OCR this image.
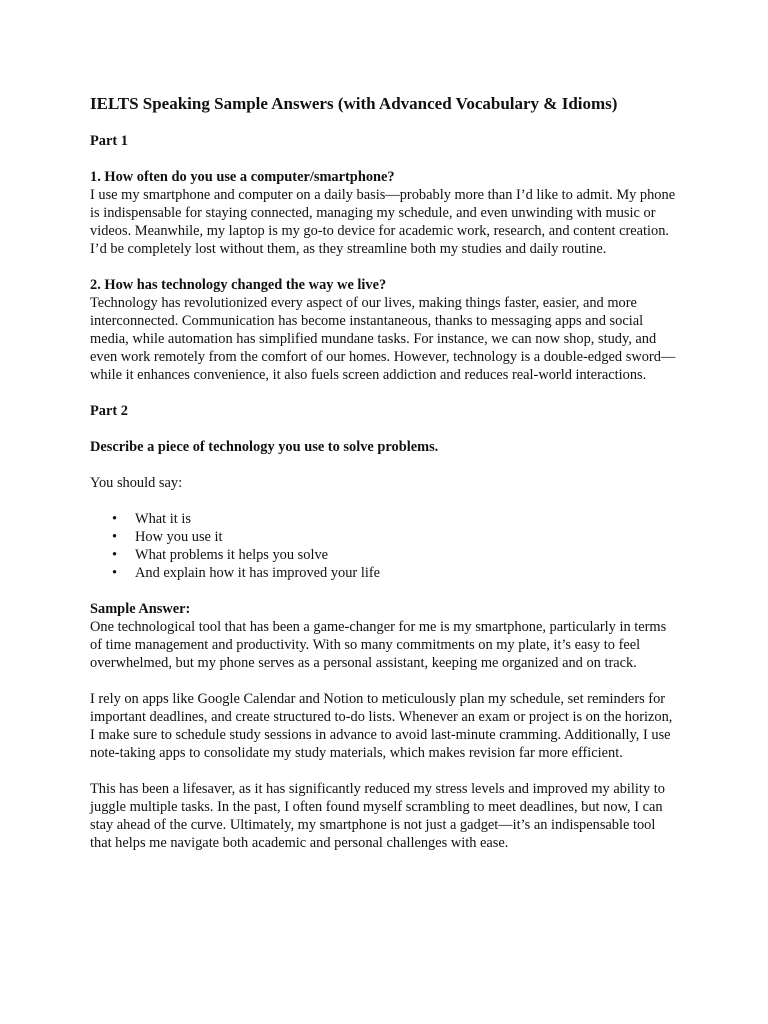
IELTS Speaking Sample Answers (with Advanced Vocabulary & Idioms)
Part 1
1. How often do you use a computer/smartphone?

I use my smartphone and computer on a daily basis—probably more than I’d like to admit. My phone is indispensable for staying connected, managing my schedule, and even unwinding with music or videos. Meanwhile, my laptop is my go-to device for academic work, research, and content creation. I’d be completely lost without them, as they streamline both my studies and daily routine.

2. How has technology changed the way we live?

Technology has revolutionized every aspect of our lives, making things faster, easier, and more interconnected. Communication has become instantaneous, thanks to messaging apps and social media, while automation has simplified mundane tasks. For instance, we can now shop, study, and even work remotely from the comfort of our homes. However, technology is a double-edged sword—while it enhances convenience, it also fuels screen addiction and reduces real-world interactions.

Part 2
Describe a piece of technology you use to solve problems.

You should say:

• What it is
• How you use it
• What problems it helps you solve
• And explain how it has improved your life
Sample Answer:

One technological tool that has been a game-changer for me is my smartphone, particularly in terms of time management and productivity. With so many commitments on my plate, it’s easy to feel overwhelmed, but my phone serves as a personal assistant, keeping me organized and on track.

I rely on apps like Google Calendar and Notion to meticulously plan my schedule, set reminders for important deadlines, and create structured to-do lists. Whenever an exam or project is on the horizon, I make sure to schedule study sessions in advance to avoid last-minute cramming. Additionally, I use note-taking apps to consolidate my study materials, which makes revision far more efficient.

This has been a lifesaver, as it has significantly reduced my stress levels and improved my ability to juggle multiple tasks. In the past, I often found myself scrambling to meet deadlines, but now, I can stay ahead of the curve. Ultimately, my smartphone is not just a gadget—it’s an indispensable tool that helps me navigate both academic and personal challenges with ease.
